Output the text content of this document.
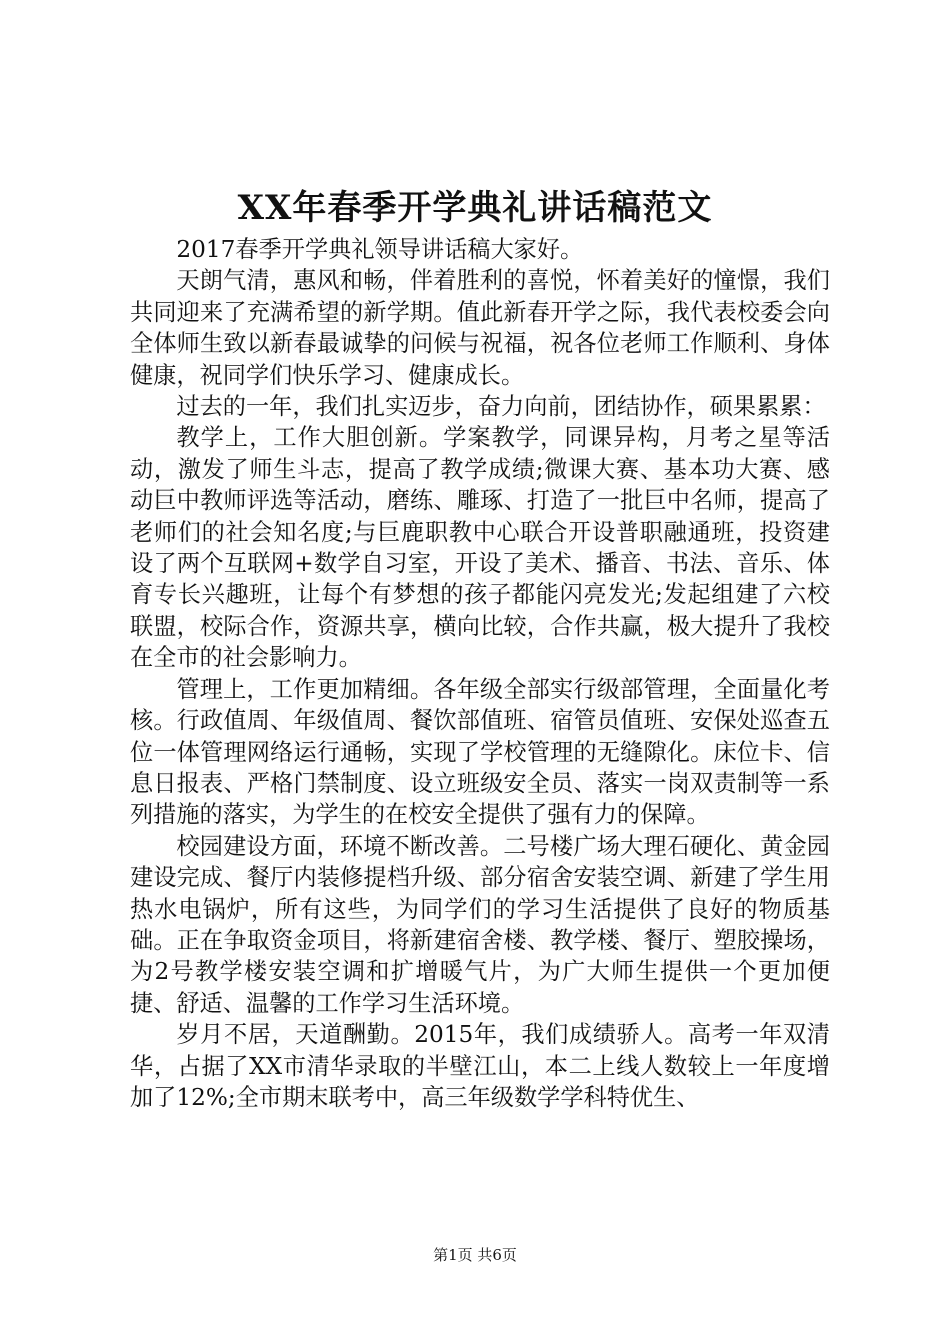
XX年春季开学典礼讲话稿范文

2017春季开学典礼领导讲话稿大家好。

天朗气清，惠风和畅，伴着胜利的喜悦，怀着美好的憧憬，我们共同迎来了充满希望的新学期。值此新春开学之际，我代表校委会向全体师生致以新春最诚挚的问候与祝福，祝各位老师工作顺利、身体健康，祝同学们快乐学习、健康成长。

过去的一年，我们扎实迈步，奋力向前，团结协作，硕果累累：

教学上，工作大胆创新。学案教学，同课异构，月考之星等活动，激发了师生斗志，提高了教学成绩;微课大赛、基本功大赛、感动巨中教师评选等活动，磨练、雕琢、打造了一批巨中名师，提高了老师们的社会知名度;与巨鹿职教中心联合开设普职融通班，投资建设了两个互联网+数学自习室，开设了美术、播音、书法、音乐、体育专长兴趣班，让每个有梦想的孩子都能闪亮发光;发起组建了六校联盟，校际合作，资源共享，横向比较，合作共赢，极大提升了我校在全市的社会影响力。

管理上，工作更加精细。各年级全部实行级部管理，全面量化考核。行政值周、年级值周、餐饮部值班、宿管员值班、安保处巡查五位一体管理网络运行通畅，实现了学校管理的无缝隙化。床位卡、信息日报表、严格门禁制度、设立班级安全员、落实一岗双责制等一系列措施的落实，为学生的在校安全提供了强有力的保障。

校园建设方面，环境不断改善。二号楼广场大理石硬化、黄金园建设完成、餐厅内装修提档升级、部分宿舍安装空调、新建了学生用热水电锅炉，所有这些，为同学们的学习生活提供了良好的物质基础。正在争取资金项目，将新建宿舍楼、教学楼、餐厅、塑胶操场，为2号教学楼安装空调和扩增暖气片，为广大师生提供一个更加便捷、舒适、温馨的工作学习生活环境。

岁月不居，天道酬勤。2015年，我们成绩骄人。高考一年双清华，占据了XX市清华录取的半壁江山，本二上线人数较上一年度增加了12%;全市期末联考中，高三年级数学学科特优生、

第1页 共6页
